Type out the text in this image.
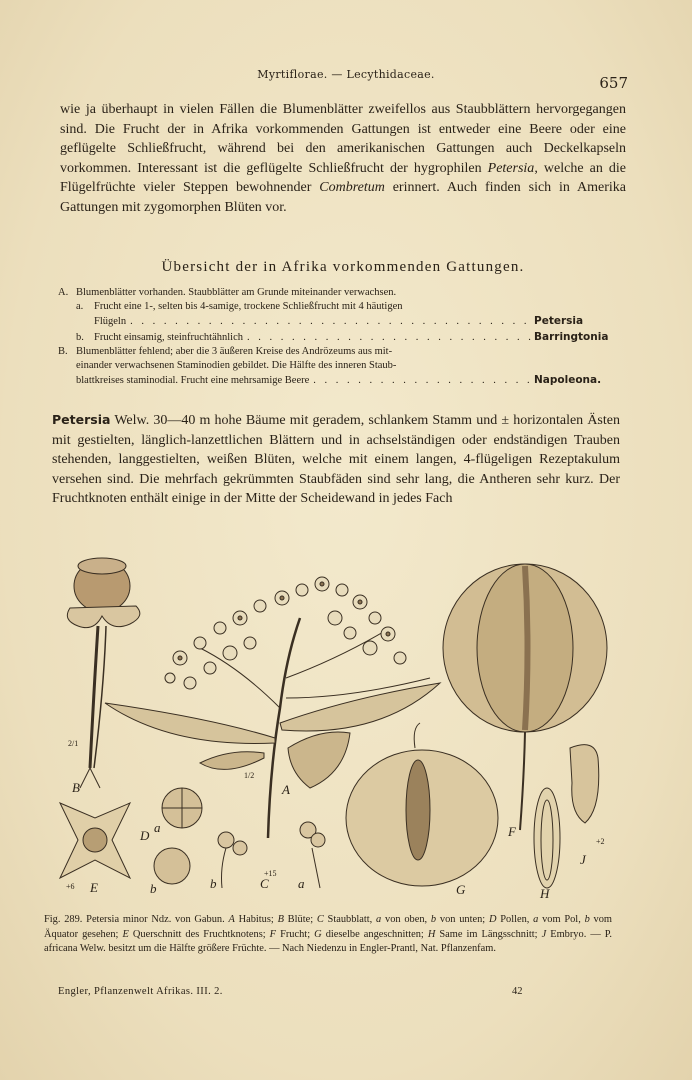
Myrtiflorae. — Lecythidaceae.	657
wie ja überhaupt in vielen Fällen die Blumenblätter zweifellos aus Staubblättern hervorgegangen sind. Die Frucht der in Afrika vorkommenden Gattungen ist entweder eine Beere oder eine geflügelte Schließfrucht, während bei den amerikanischen Gattungen auch Deckelkapseln vorkommen. Interessant ist die geflügelte Schließfrucht der hygrophilen Petersia, welche an die Flügelfrüchte vieler Steppen bewohnender Combretum erinnert. Auch finden sich in Amerika Gattungen mit zygomorphen Blüten vor.
Übersicht der in Afrika vorkommenden Gattungen.
A. Blumenblätter vorhanden. Staubblätter am Grunde miteinander verwachsen.
a.	Frucht eine 1-, selten bis 4-samige, trockene Schließfrucht mit 4 häutigen
Flügeln . . .	Petersia
b. Frucht einsamig, steinfruchtähnlich . . .	Barringtonia
B. Blumenblätter fehlend; aber die 3 äußeren Kreise des Andrözeums aus mit-
einander verwachsenen Staminodien gebildet. Die Hälfte des inneren Staub-
blattkreises staminodial. Frucht eine mehrsamige Beere . . .	Napoleona.
Petersia Welw. 30—40 m hohe Bäume mit geradem, schlankem Stamm und ± horizontalen Ästen mit gestielten, länglich-lanzettlichen Blättern und in achselständigen oder endständigen Trauben stehenden, langgestielten, weißen Blüten, welche mit einem langen, 4-flügeligen Rezeptakulum versehen sind. Die mehrfach gekrümmten Staubfäden sind sehr lang, die Antheren sehr kurz. Der Fruchtknoten enthält einige in der Mitte der Scheidewand in jedes Fach
B	A
D
E	b
a
b	C a	G
F
H
J
2/1
1/2
+15
+6
+2
Fig. 289. Petersia minor Ndz. von Gabun. A Habitus; B Blüte; C Staubblatt, a von oben, b von unten; D Pollen, a vom Pol, b vom Äquator gesehen; E Querschnitt des Fruchtknotens; F Frucht; G dieselbe angeschnitten; H Same im Längsschnitt; J Embryo. — P. africana Welw. besitzt um die Hälfte größere Früchte. — Nach Niedenzu in Engler-Prantl, Nat. Pflanzenfam.
Engler, Pflanzenwelt Afrikas. III. 2.	42
